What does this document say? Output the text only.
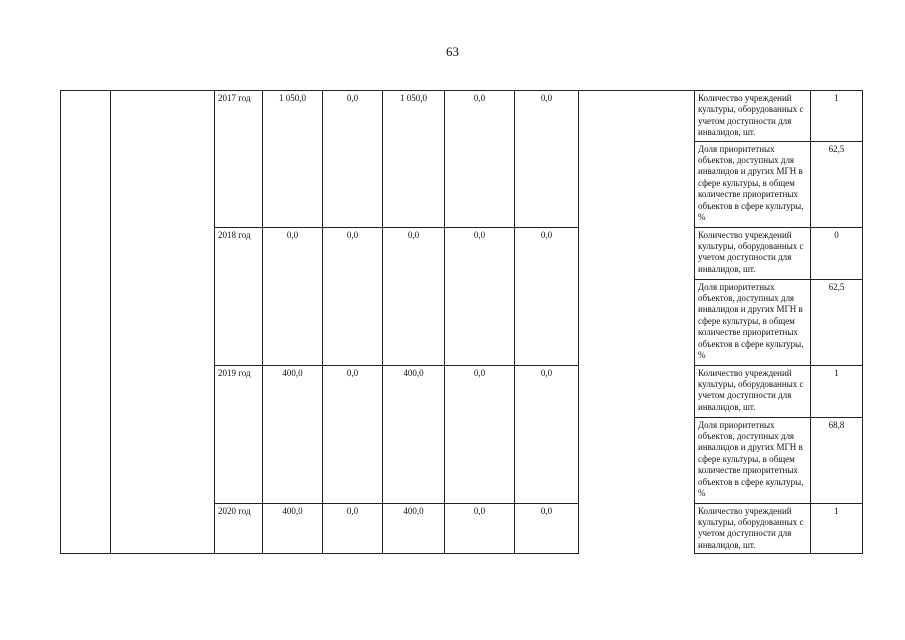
63
		2017 год	1 050,0	0,0	1 050,0	0,0	0,0		Количество учреждений культуры, оборудованных с учетом доступности для инвалидов, шт.	1
									Доля приоритетных объектов, доступных для инвалидов и других МГН в сфере культуры, в общем количестве приоритетных объектов в сфере культуры, %	62,5
		2018 год	0,0	0,0	0,0	0,0	0,0		Количество учреждений культуры, оборудованных с учетом доступности для инвалидов, шт.	0
									Доля приоритетных объектов, доступных для инвалидов и других МГН в сфере культуры, в общем количестве приоритетных объектов в сфере культуры, %	62,5
		2019 год	400,0	0,0	400,0	0,0	0,0		Количество учреждений культуры, оборудованных с учетом доступности для инвалидов, шт.	1
									Доля приоритетных объектов, доступных для инвалидов и других МГН в сфере культуры, в общем количестве приоритетных объектов в сфере культуры, %	68,8
		2020 год	400,0	0,0	400,0	0,0	0,0		Количество учреждений культуры, оборудованных с учетом доступности для инвалидов, шт.	1
